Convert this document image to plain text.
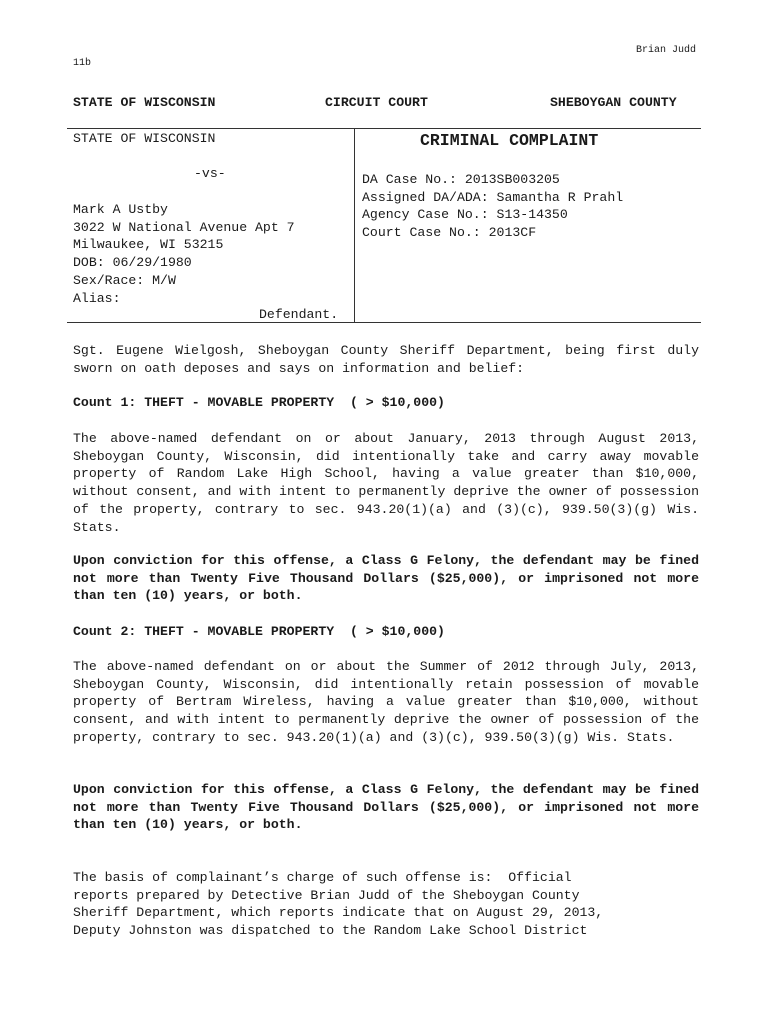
Brian Judd
11b
STATE OF WISCONSIN	CIRCUIT COURT	SHEBOYGAN COUNTY
STATE OF WISCONSIN
-vs-
Mark A Ustby
3022 W National Avenue Apt 7
Milwaukee, WI 53215
DOB: 06/29/1980
Sex/Race: M/W
Alias:
Defendant.
CRIMINAL COMPLAINT
DA Case No.: 2013SB003205
Assigned DA/ADA: Samantha R Prahl
Agency Case No.: S13-14350
Court Case No.: 2013CF
Sgt. Eugene Wielgosh, Sheboygan County Sheriff Department, being first duly sworn on oath deposes and says on information and belief:
Count 1: THEFT - MOVABLE PROPERTY  ( > $10,000)
The above-named defendant on or about January, 2013 through August 2013, Sheboygan County, Wisconsin, did intentionally take and carry away movable property of Random Lake High School, having a value greater than $10,000, without consent, and with intent to permanently deprive the owner of possession of the property, contrary to sec. 943.20(1)(a) and (3)(c), 939.50(3)(g) Wis. Stats.
Upon conviction for this offense, a Class G Felony, the defendant may be fined not more than Twenty Five Thousand Dollars ($25,000), or imprisoned not more than ten (10) years, or both.
Count 2: THEFT - MOVABLE PROPERTY  ( > $10,000)
The above-named defendant on or about the Summer of 2012 through July, 2013, Sheboygan County, Wisconsin, did intentionally retain possession of movable property of Bertram Wireless, having a value greater than $10,000, without consent, and with intent to permanently deprive the owner of possession of the property, contrary to sec. 943.20(1)(a) and (3)(c), 939.50(3)(g) Wis. Stats.
Upon conviction for this offense, a Class G Felony, the defendant may be fined not more than Twenty Five Thousand Dollars ($25,000), or imprisoned not more than ten (10) years, or both.
The basis of complainant’s charge of such offense is:  Official
reports prepared by Detective Brian Judd of the Sheboygan County
Sheriff Department, which reports indicate that on August 29, 2013,
Deputy Johnston was dispatched to the Random Lake School District
